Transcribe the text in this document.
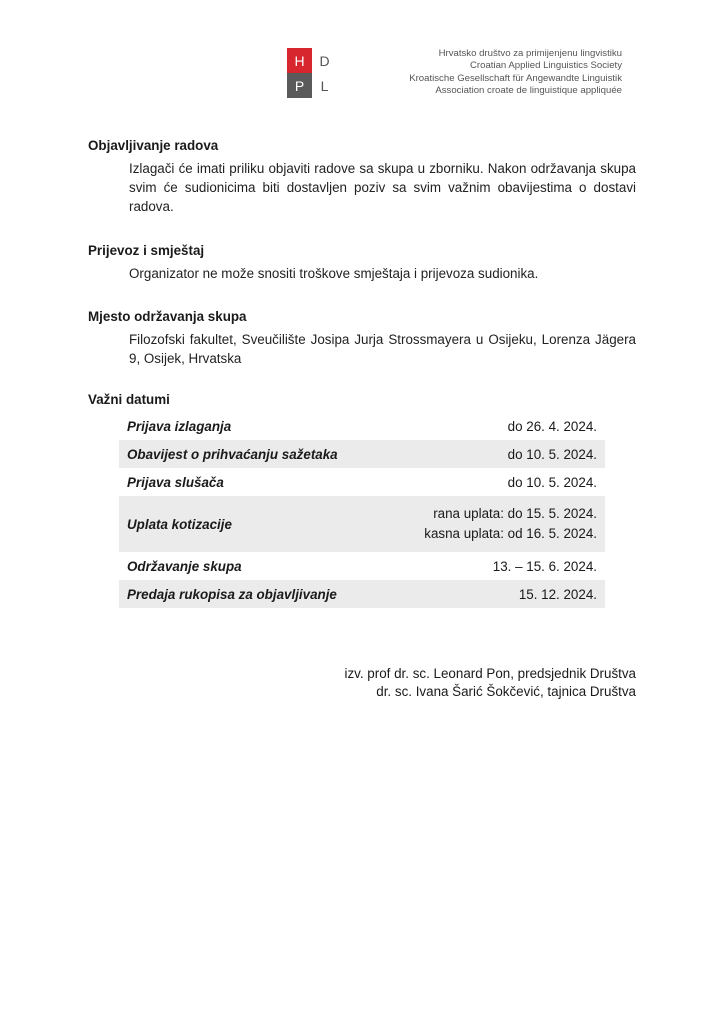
H	D
P	L
Hrvatsko društvo za primijenjenu lingvistiku
Croatian Applied Linguistics Society
Kroatische Gesellschaft für Angewandte Linguistik
Association croate de linguistique appliquée

Objavljivanje radova

Izlagači će imati priliku objaviti radove sa skupa u zborniku. Nakon održavanja skupa svim će sudionicima biti dostavljen poziv sa svim važnim obavijestima o dostavi radova.

Prijevoz i smještaj

Organizator ne može snositi troškove smještaja i prijevoza sudionika.

Mjesto održavanja skupa

Filozofski fakultet, Sveučilište Josipa Jurja Strossmayera u Osijeku, Lorenza Jägera 9, Osijek, Hrvatska

Važni datumi

Prijava izlaganja	do 26. 4. 2024.
Obavijest o prihvaćanju sažetaka	do 10. 5. 2024.
Prijava slušača	do 10. 5. 2024.
Uplata kotizacije	rana uplata: do 15. 5. 2024.
kasna uplata: od 16. 5. 2024.

Održavanje skupa	13. – 15. 6. 2024.
Predaja rukopisa za objavljivanje	15. 12. 2024.
izv. prof dr. sc. Leonard Pon, predsjednik Društva
dr. sc. Ivana Šarić Šokčević, tajnica Društva
